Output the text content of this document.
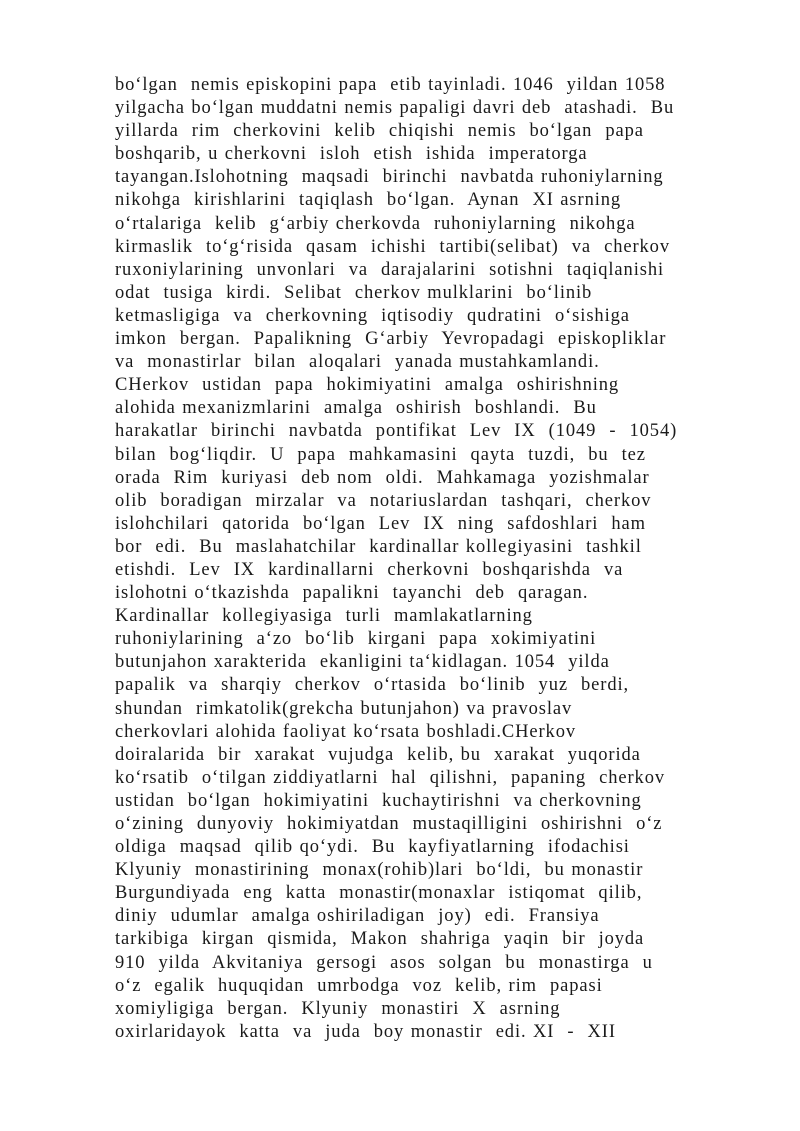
bo‘lgan  nemis episkopini papa  etib tayinladi. 1046  yildan 1058
yilgacha bo‘lgan muddatni nemis papaligi davri deb  atashadi.  Bu
yillarda  rim  cherkovini  kelib  chiqishi  nemis  bo‘lgan  papa
boshqarib, u cherkovni  isloh  etish  ishida  imperatorga
tayangan.Islohotning  maqsadi  birinchi  navbatda ruhoniylarning
nikohga  kirishlarini  taqiqlash  bo‘lgan.  Aynan  XI asrning
o‘rtalariga  kelib  g‘arbiy cherkovda  ruhoniylarning  nikohga
kirmaslik  to‘g‘risida  qasam  ichishi  tartibi(selibat)  va  cherkov
ruxoniylarining  unvonlari  va  darajalarini  sotishni  taqiqlanishi
odat  tusiga  kirdi.  Selibat  cherkov mulklarini  bo‘linib
ketmasligiga  va  cherkovning  iqtisodiy  qudratini  o‘sishiga
imkon  bergan.  Papalikning  G‘arbiy  Yevropadagi  episkopliklar
va  monastirlar  bilan  aloqalari  yanada mustahkamlandi.
CHerkov  ustidan  papa  hokimiyatini  amalga  oshirishning
alohida mexanizmlarini  amalga  oshirish  boshlandi.  Bu
harakatlar  birinchi  navbatda  pontifikat  Lev  IX  (1049  -  1054)
bilan  bog‘liqdir.  U  papa  mahkamasini  qayta  tuzdi,  bu  tez
orada  Rim  kuriyasi  deb nom  oldi.  Mahkamaga  yozishmalar
olib  boradigan  mirzalar  va  notariuslardan  tashqari,  cherkov
islohchilari  qatorida  bo‘lgan  Lev  IX  ning  safdoshlari  ham
bor  edi.  Bu  maslahatchilar  kardinallar kollegiyasini  tashkil
etishdi.  Lev  IX  kardinallarni  cherkovni  boshqarishda  va
islohotni o‘tkazishda  papalikni  tayanchi  deb  qaragan.
Kardinallar  kollegiyasiga  turli  mamlakatlarning
ruhoniylarining  a‘zo  bo‘lib  kirgani  papa  xokimiyatini
butunjahon xarakterida  ekanligini ta‘kidlagan. 1054  yilda
papalik  va  sharqiy  cherkov  o‘rtasida  bo‘linib  yuz  berdi,
shundan  rimkatolik(grekcha butunjahon) va pravoslav
cherkovlari alohida faoliyat ko‘rsata boshladi.CHerkov
doiralarida  bir  xarakat  vujudga  kelib, bu  xarakat  yuqorida
ko‘rsatib  o‘tilgan ziddiyatlarni  hal  qilishni,  papaning  cherkov
ustidan  bo‘lgan  hokimiyatini  kuchaytirishni  va cherkovning
o‘zining  dunyoviy  hokimiyatdan  mustaqilligini  oshirishni  o‘z
oldiga  maqsad  qilib qo‘ydi.  Bu  kayfiyatlarning  ifodachisi
Klyuniy  monastirining  monax(rohib)lari  bo‘ldi,  bu monastir
Burgundiyada  eng  katta  monastir(monaxlar  istiqomat  qilib,
diniy  udumlar  amalga oshiriladigan  joy)  edi.  Fransiya
tarkibiga  kirgan  qismida,  Makon  shahriga  yaqin  bir  joyda
910  yilda  Akvitaniya  gersogi  asos  solgan  bu  monastirga  u
o‘z  egalik  huquqidan  umrbodga  voz  kelib, rim  papasi
xomiyligiga  bergan.  Klyuniy  monastiri  X  asrning
oxirlaridayok  katta  va  juda  boy monastir  edi. XI  -  XII
